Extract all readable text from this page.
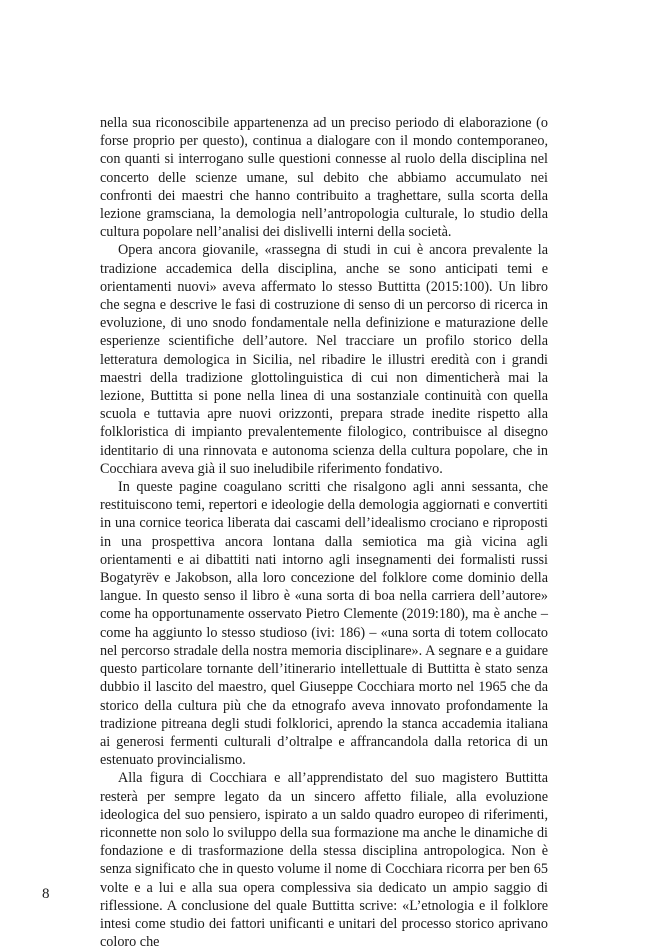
nella sua riconoscibile appartenenza ad un preciso periodo di elaborazione (o forse proprio per questo), continua a dialogare con il mondo contemporaneo, con quanti si interrogano sulle questioni connesse al ruolo della disciplina nel concerto delle scienze umane, sul debito che abbiamo accumulato nei confronti dei maestri che hanno contribuito a traghettare, sulla scorta della lezione gramsciana, la demologia nell’antropologia culturale, lo studio della cultura popolare nell’analisi dei dislivelli interni della società.

Opera ancora giovanile, «rassegna di studi in cui è ancora prevalente la tradizione accademica della disciplina, anche se sono anticipati temi e orientamenti nuovi» aveva affermato lo stesso Buttitta (2015:100). Un libro che segna e descrive le fasi di costruzione di senso di un percorso di ricerca in evoluzione, di uno snodo fondamentale nella definizione e maturazione delle esperienze scientifiche dell’autore. Nel tracciare un profilo storico della letteratura demologica in Sicilia, nel ribadire le illustri eredità con i grandi maestri della tradizione glottolinguistica di cui non dimenticherà mai la lezione, Buttitta si pone nella linea di una sostanziale continuità con quella scuola e tuttavia apre nuovi orizzonti, prepara strade inedite rispetto alla folkloristica di impianto prevalentemente filologico, contribuisce al disegno identitario di una rinnovata e autonoma scienza della cultura popolare, che in Cocchiara aveva già il suo ineludibile riferimento fondativo.

In queste pagine coagulano scritti che risalgono agli anni sessanta, che restituiscono temi, repertori e ideologie della demologia aggiornati e convertiti in una cornice teorica liberata dai cascami dell’idealismo crociano e riproposti in una prospettiva ancora lontana dalla semiotica ma già vicina agli orientamenti e ai dibattiti nati intorno agli insegnamenti dei formalisti russi Bogatyrëv e Jakobson, alla loro concezione del folklore come dominio della langue. In questo senso il libro è «una sorta di boa nella carriera dell’autore» come ha opportunamente osservato Pietro Clemente (2019:180), ma è anche – come ha aggiunto lo stesso studioso (ivi: 186) – «una sorta di totem collocato nel percorso stradale della nostra memoria disciplinare». A segnare e a guidare questo particolare tornante dell’itinerario intellettuale di Buttitta è stato senza dubbio il lascito del maestro, quel Giuseppe Cocchiara morto nel 1965 che da storico della cultura più che da etnografo aveva innovato profondamente la tradizione pitreana degli studi folklorici, aprendo la stanca accademia italiana ai generosi fermenti culturali d’oltralpe e affrancandola dalla retorica di un estenuato provincialismo.

Alla figura di Cocchiara e all’apprendistato del suo magistero Buttitta resterà per sempre legato da un sincero affetto filiale, alla evoluzione ideologica del suo pensiero, ispirato a un saldo quadro europeo di riferimenti, riconnette non solo lo sviluppo della sua formazione ma anche le dinamiche di fondazione e di trasformazione della stessa disciplina antropologica. Non è senza significato che in questo volume il nome di Cocchiara ricorra per ben 65 volte e a lui e alla sua opera complessiva sia dedicato un ampio saggio di riflessione. A conclusione del quale Buttitta scrive: «L’etnologia e il folklore intesi come studio dei fattori unificanti e unitari del processo storico aprivano coloro che

8
